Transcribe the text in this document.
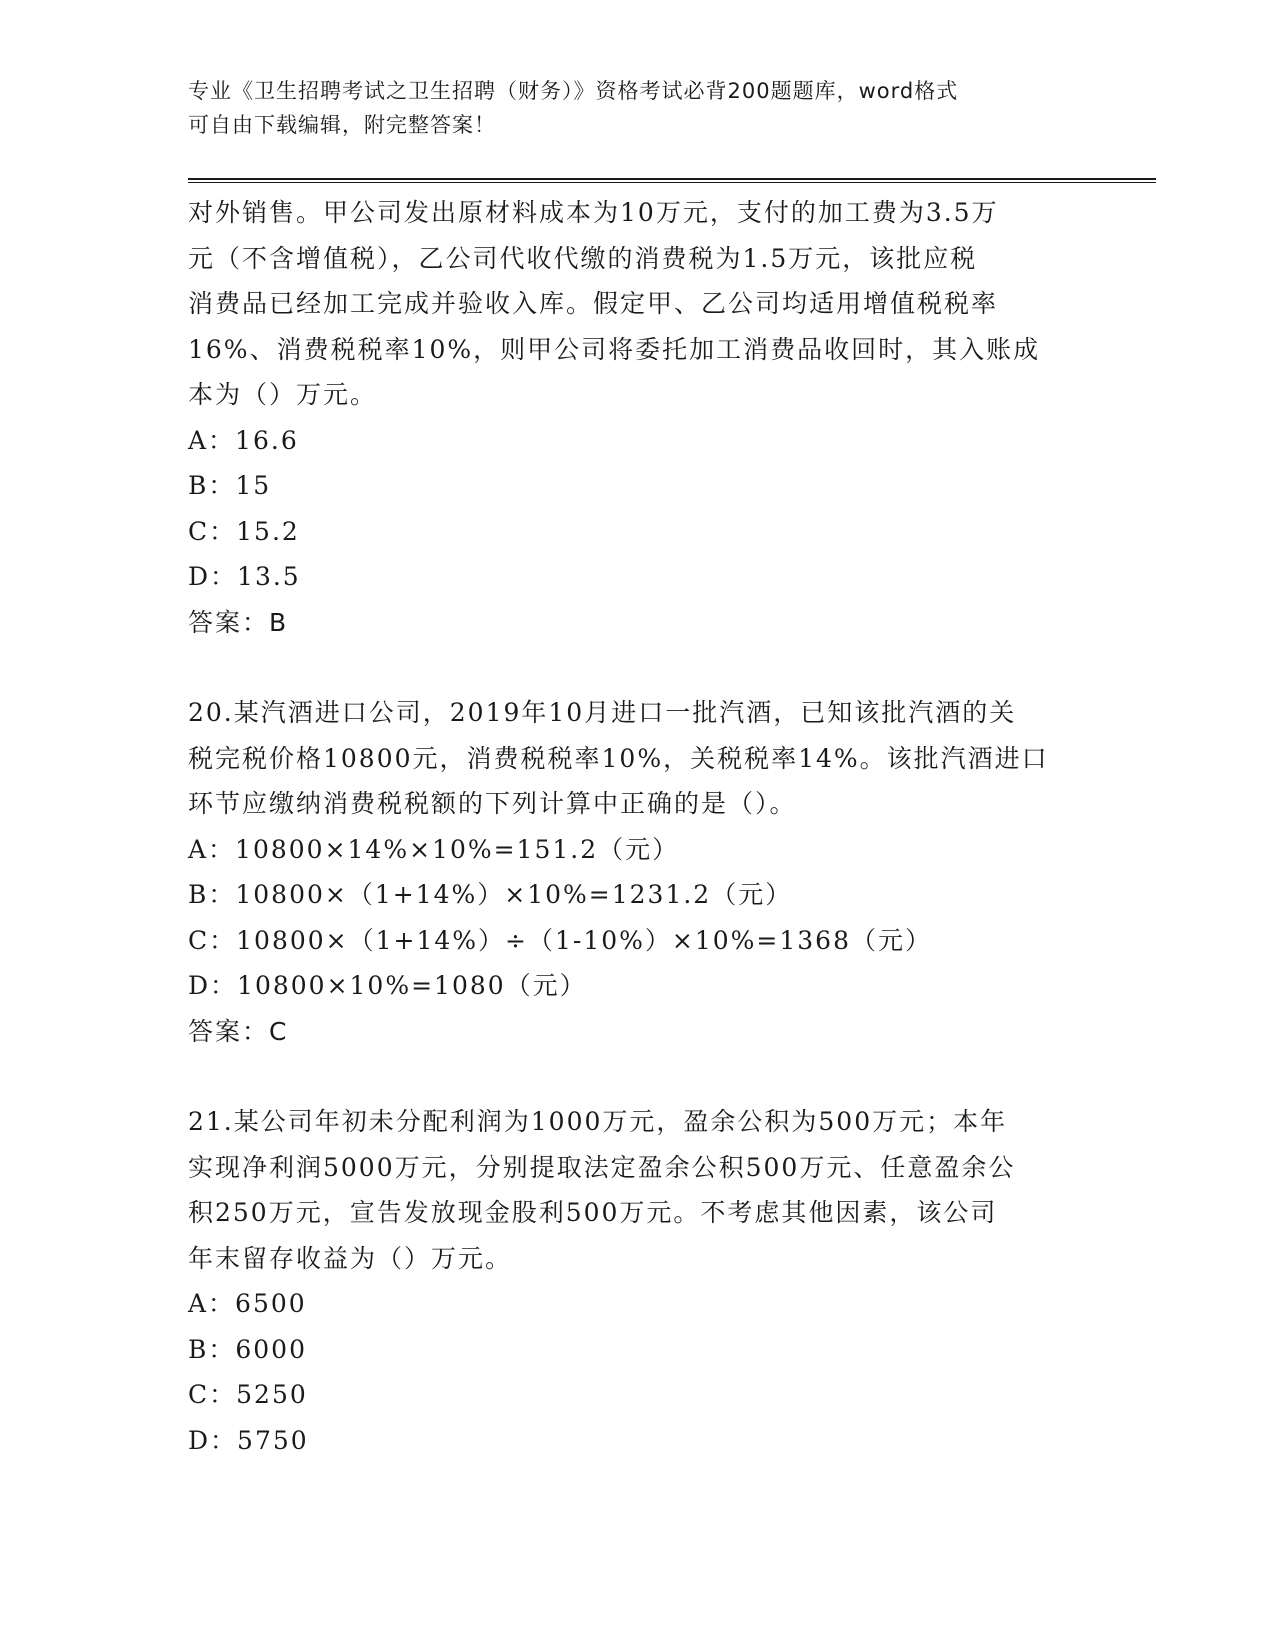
专业《卫生招聘考试之卫生招聘（财务）》资格考试必背200题题库，word格式
可自由下载编辑，附完整答案！

对外销售。甲公司发出原材料成本为10万元，支付的加工费为3.5万

元（不含增值税），乙公司代收代缴的消费税为1.5万元，该批应税

消费品已经加工完成并验收入库。假定甲、乙公司均适用增值税税率

16%、消费税税率10%，则甲公司将委托加工消费品收回时，其入账成

本为（）万元。

A：16.6

B：15

C：15.2

D：13.5

答案：B

20.某汽酒进口公司，2019年10月进口一批汽酒，已知该批汽酒的关

税完税价格10800元，消费税税率10%，关税税率14%。该批汽酒进口

环节应缴纳消费税税额的下列计算中正确的是（）。

A：10800×14%×10%=151.2（元）

B：10800×（1+14%）×10%=1231.2（元）

C：10800×（1+14%）÷（1-10%）×10%=1368（元）

D：10800×10%=1080（元）

答案：C

21.某公司年初未分配利润为1000万元，盈余公积为500万元；本年

实现净利润5000万元，分别提取法定盈余公积500万元、任意盈余公

积250万元，宣告发放现金股利500万元。不考虑其他因素，该公司

年末留存收益为（）万元。

A：6500

B：6000

C：5250

D：5750
